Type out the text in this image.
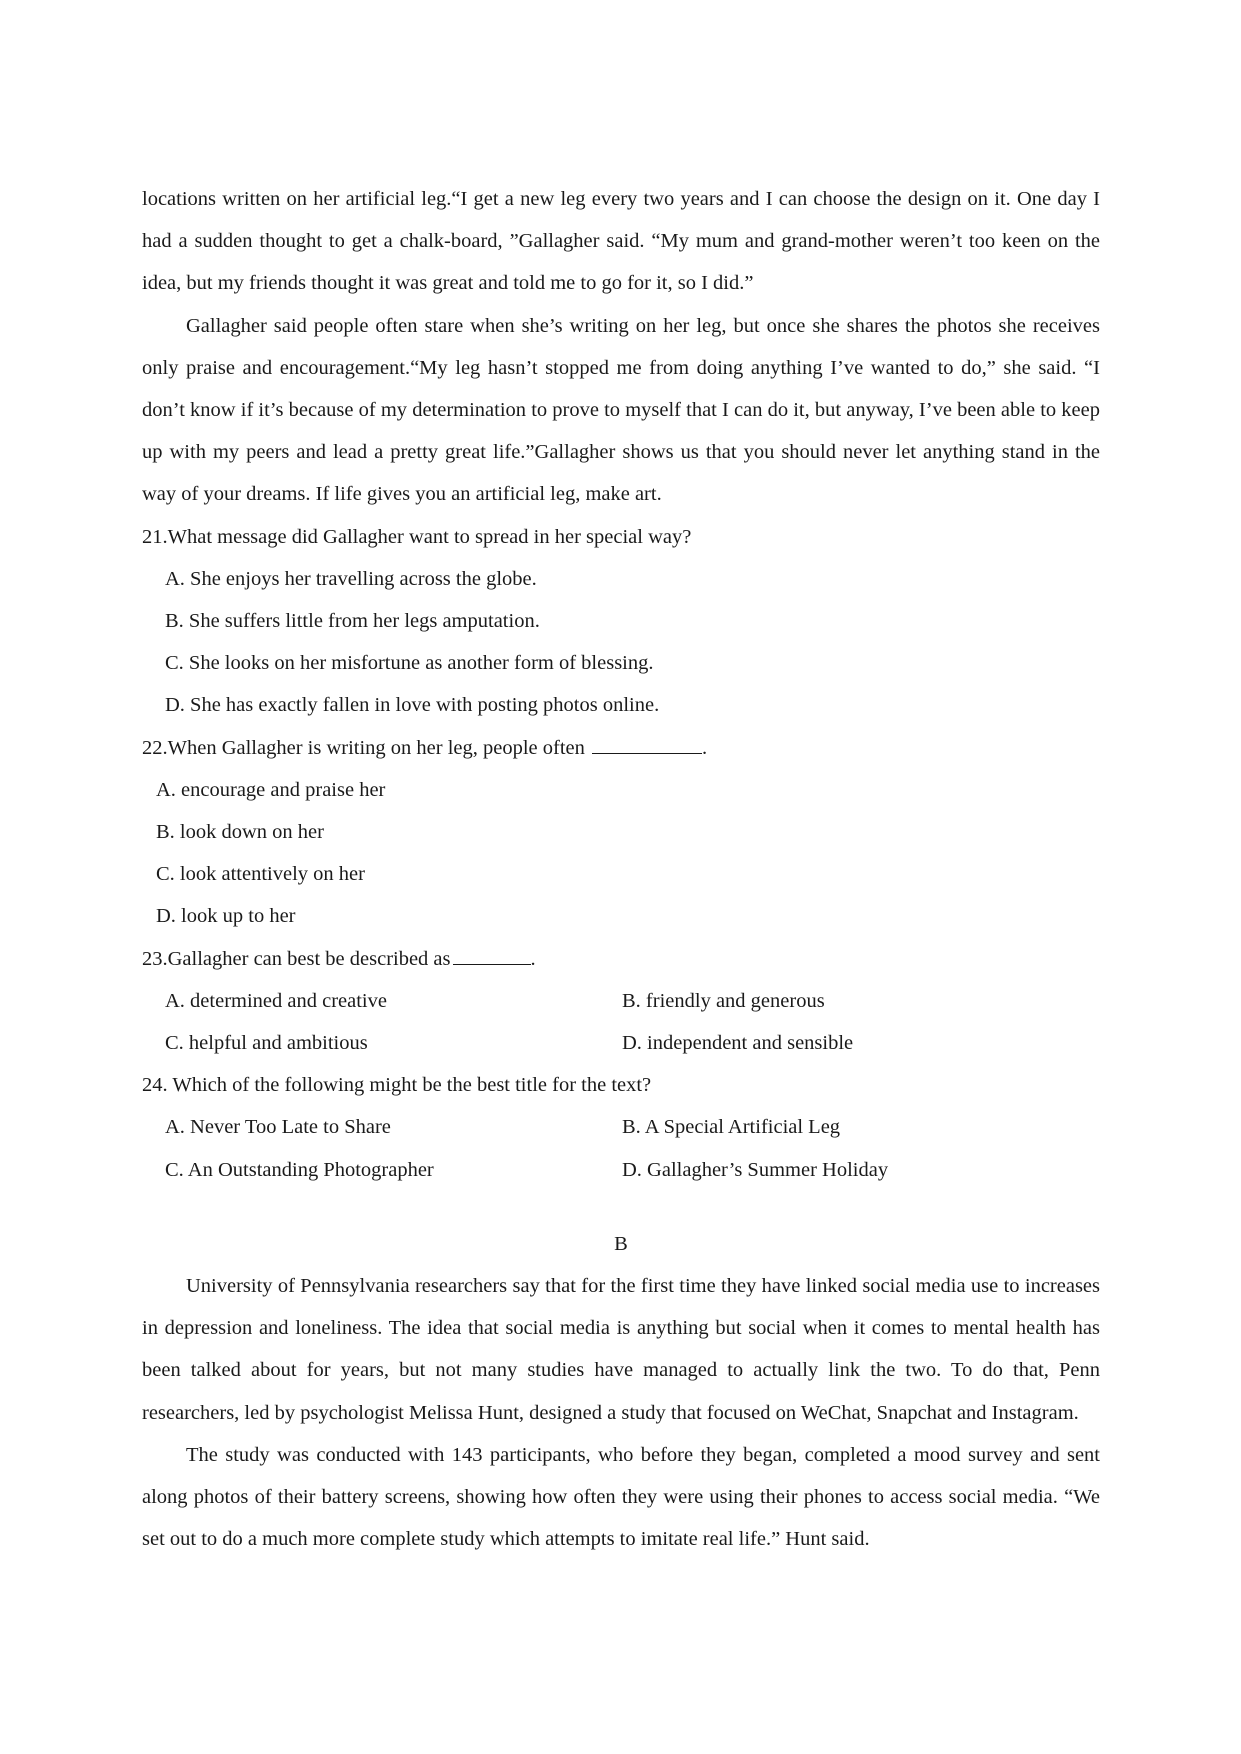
locations written on her artificial leg.“I get a new leg every two years and I can choose the design on it. One day I had a sudden thought to get a chalk-board, ”Gallagher said. “My mum and grand-mother weren’t too keen on the idea, but my friends thought it was great and told me to go for it, so I did.”

Gallagher said people often stare when she’s writing on her leg, but once she shares the photos she receives only praise and encouragement.“My leg hasn’t stopped me from doing anything I’ve wanted to do,” she said. “I don’t know if it’s because of my determination to prove to myself that I can do it, but anyway, I’ve been able to keep up with my peers and lead a pretty great life.”Gallagher shows us that you should never let anything stand in the way of your dreams. If life gives you an artificial leg, make art.

21.What message did Gallagher want to spread in her special way?

A. She enjoys her travelling across the globe.

B. She suffers little from her legs amputation.

C. She looks on her misfortune as another form of blessing.

D. She has exactly fallen in love with posting photos online.

22.When Gallagher is writing on her leg, people often	.

A. encourage and praise her

B. look down on her

C. look attentively on her

D. look up to her

23.Gallagher can best be described as	.

A. determined and creative	B. friendly and generous
C. helpful and ambitious	D. independent and sensible

24. Which of the following might be the best title for the text?

A. Never Too Late to Share	B. A Special Artificial Leg
C. An Outstanding Photographer	D. Gallagher’s Summer Holiday

B

University of Pennsylvania researchers say that for the first time they have linked social media use to increases in depression and loneliness. The idea that social media is anything but social when it comes to mental health has been talked about for years, but not many studies have managed to actually link the two. To do that, Penn researchers, led by psychologist Melissa Hunt, designed a study that focused on WeChat, Snapchat and Instagram.

The study was conducted with 143 participants, who before they began, completed a mood survey and sent along photos of their battery screens, showing how often they were using their phones to access social media. “We set out to do a much more complete study which attempts to imitate real life.” Hunt said.
